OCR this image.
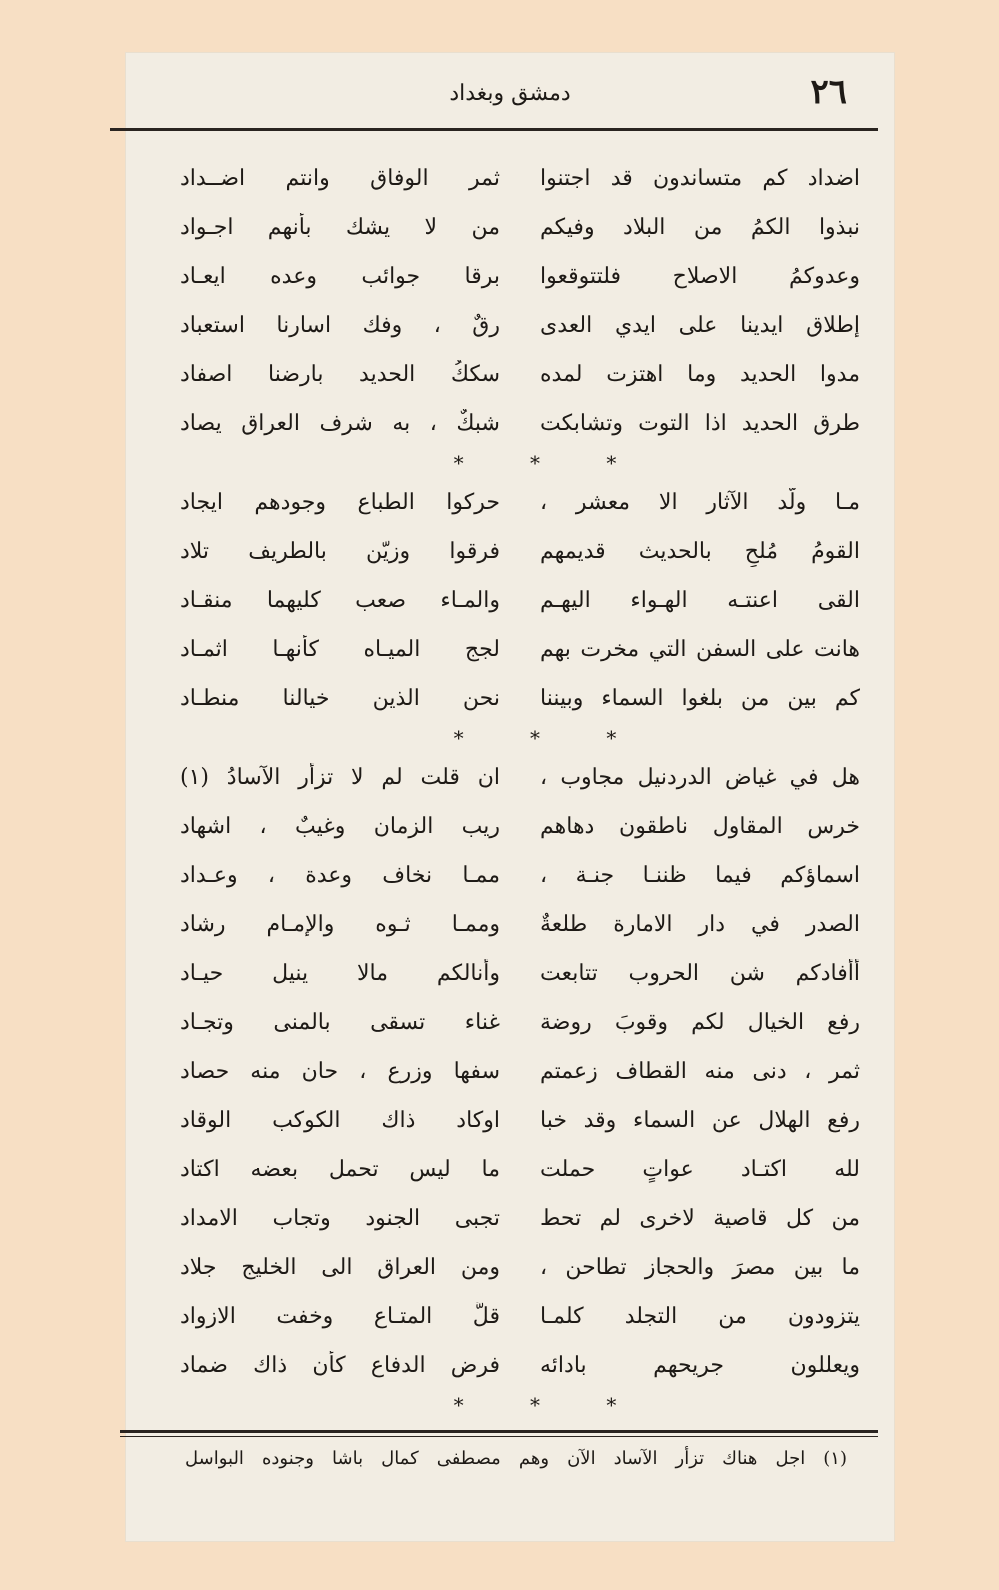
٢٦
دمشق وبغداد
اضداد كم متساندون قد اجتنوا
ثمر الوفاق وانتم اضــداد
نبذوا الكمُ من البلاد وفيكم
من لا يشك بأنهم اجـواد
وعدوكمُ الاصلاح فلتتوقعوا
برقا جوائب وعده ايعـاد
إطلاق ايدينا على ايدي العدى
رقٌ ، وفك اسارنا استعباد
مدوا الحديد وما اهتزت لمده
سككُ الحديد بارضنا اصفاد
طرق الحديد اذا التوت وتشابكت
شبكٌ ، به شرف العراق يصاد
* * *
مـا ولّد الآثار الا معشر ،
حركوا الطباع وجودهم ايجاد
القومُ مُلحِ بالحديث قديمهم
فرقوا وزيّن بالطريف تلاد
القى اعنتـه الهـواء اليهـم
والمـاء صعب كليهما منقـاد
هانت على السفن التي مخرت بهم
لجج الميـاه كأنهـا اثمـاد
كم بين من بلغوا السماء وبيننا
نحن الذين خيالنا منطـاد
* * *
هل في غياض الدردنيل مجاوب ،
ان قلت لم لا تزأر الآسادُ (١)
خرس المقاول ناطقون دهاهم
ريب الزمان وغيبٌ ، اشهاد
اسماؤكم فيما ظننـا جنـة ،
ممـا نخاف وعدة ، وعـداد
الصدر في دار الامارة طلعةٌ
وممـا ثـوه والإمـام رشاد
أأفادكم شن الحروب تتابعت
وأنالكم مالا ينيل حيـاد
رفع الخيال لكم وقوبَ روضة
غناء تسقى بالمنى وتجـاد
ثمر ، دنى منه القطاف زعمتم
سفها وزرع ، حان منه حصاد
رفع الهلال عن السماء وقد خبا
اوكاد ذاك الكوكب الوقاد
لله اكتـاد عواتٍ حملت
ما ليس تحمل بعضه اكتاد
من كل قاصية لاخرى لم تحط
تجبى الجنود وتجاب الامداد
ما بين مصرَ والحجاز تطاحن ،
ومن العراق الى الخليج جلاد
يتزودون من التجلد كلمـا
قلَّ المتـاع وخفت الازواد
ويعللون جريحهم بادائه
فرض الدفاع كأن ذاك ضماد
* * *
(١) اجل هناك تزأر الآساد الآن وهم مصطفى كمال باشا وجنوده البواسل
